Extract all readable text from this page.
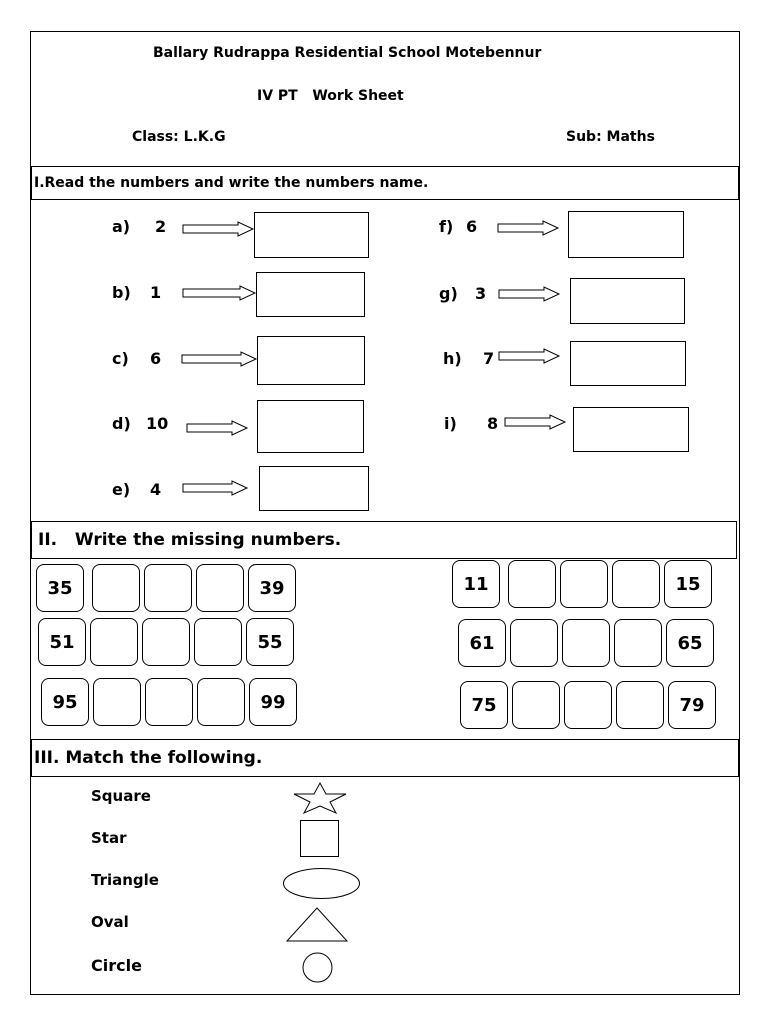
Ballary Rudrappa Residential School Motebennur
IV PT   Work Sheet
Class: L.K.G	Sub: Maths
I.Read the numbers and write the numbers name.
a) 2
b) 1
c) 6
d) 10
e) 4
f) 6
g) 3
h) 7
i) 8
II.   Write the missing numbers.
35	39
51	55
95	99
11	15
61	65
75	79
III. Match the following.
Square
Star
Triangle
Oval
Circle
